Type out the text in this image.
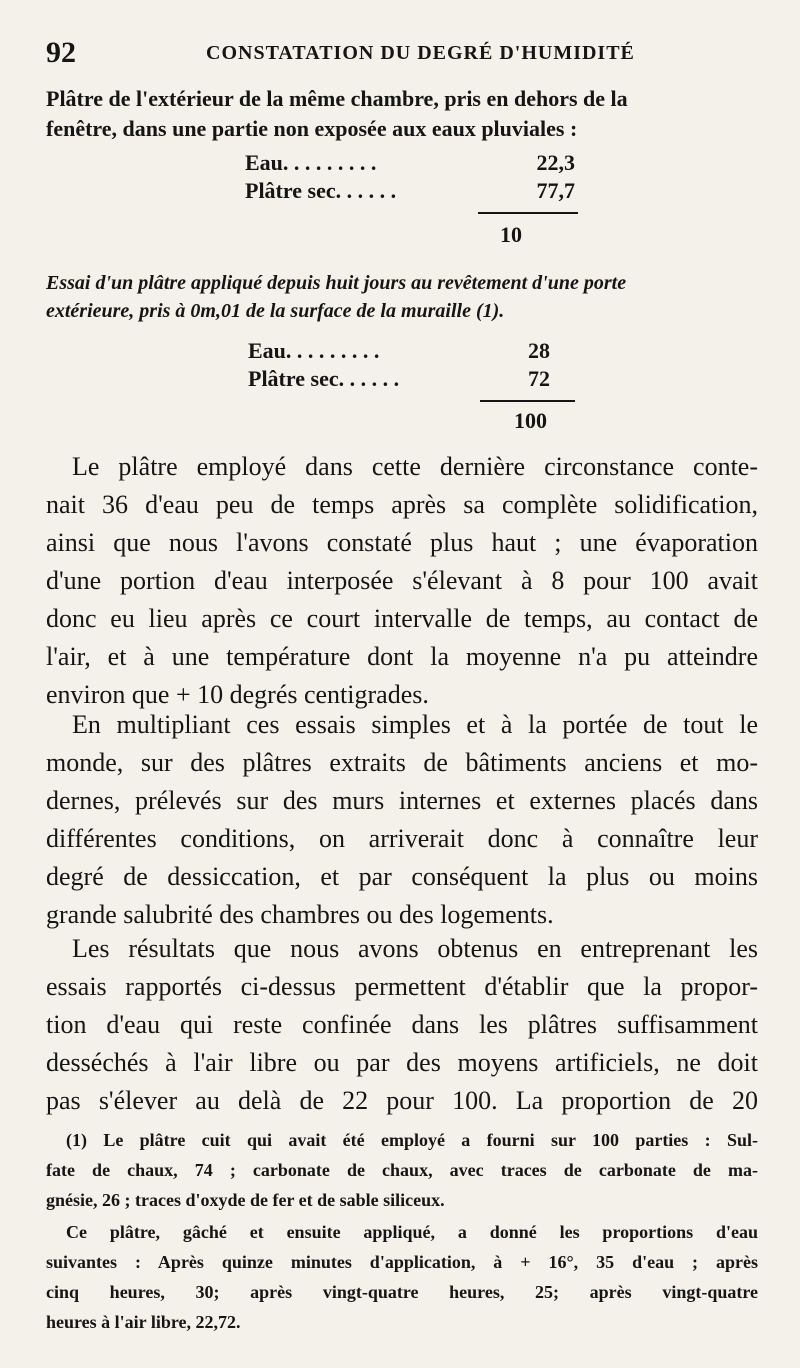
92	CONSTATATION DU DEGRÉ D'HUMIDITÉ
Plâtre de l'extérieur de la même chambre, pris en dehors de la
fenêtre, dans une partie non exposée aux eaux pluviales :
Eau. . . . . . . . .	22,3
Plâtre sec. . . . . .	77,7
10
Essai d'un plâtre appliqué depuis huit jours au revêtement d'une porte
extérieure, pris à 0m,01 de la surface de la muraille (1).
Eau. . . . . . . . .	28
Plâtre sec. . . . . .	72
100
Le plâtre employé dans cette dernière circonstance conte-
nait 36 d'eau peu de temps après sa complète solidification,
ainsi que nous l'avons constaté plus haut ; une évaporation
d'une portion d'eau interposée s'élevant à 8 pour 100 avait
donc eu lieu après ce court intervalle de temps, au contact de
l'air, et à une température dont la moyenne n'a pu atteindre
environ que + 10 degrés centigrades.
En multipliant ces essais simples et à la portée de tout le
monde, sur des plâtres extraits de bâtiments anciens et mo-
dernes, prélevés sur des murs internes et externes placés dans
différentes conditions, on arriverait donc à connaître leur
degré de dessiccation, et par conséquent la plus ou moins
grande salubrité des chambres ou des logements.
Les résultats que nous avons obtenus en entreprenant les
essais rapportés ci-dessus permettent d'établir que la propor-
tion d'eau qui reste confinée dans les plâtres suffisamment
desséchés à l'air libre ou par des moyens artificiels, ne doit
pas s'élever au delà de 22 pour 100. La proportion de 20
(1) Le plâtre cuit qui avait été employé a fourni sur 100 parties : Sul-
fate de chaux, 74 ; carbonate de chaux, avec traces de carbonate de ma-
gnésie, 26 ; traces d'oxyde de fer et de sable siliceux.
Ce plâtre, gâché et ensuite appliqué, a donné les proportions d'eau
suivantes : Après quinze minutes d'application, à + 16°, 35 d'eau ; après
cinq heures, 30; après vingt-quatre heures, 25; après vingt-quatre
heures à l'air libre, 22,72.
